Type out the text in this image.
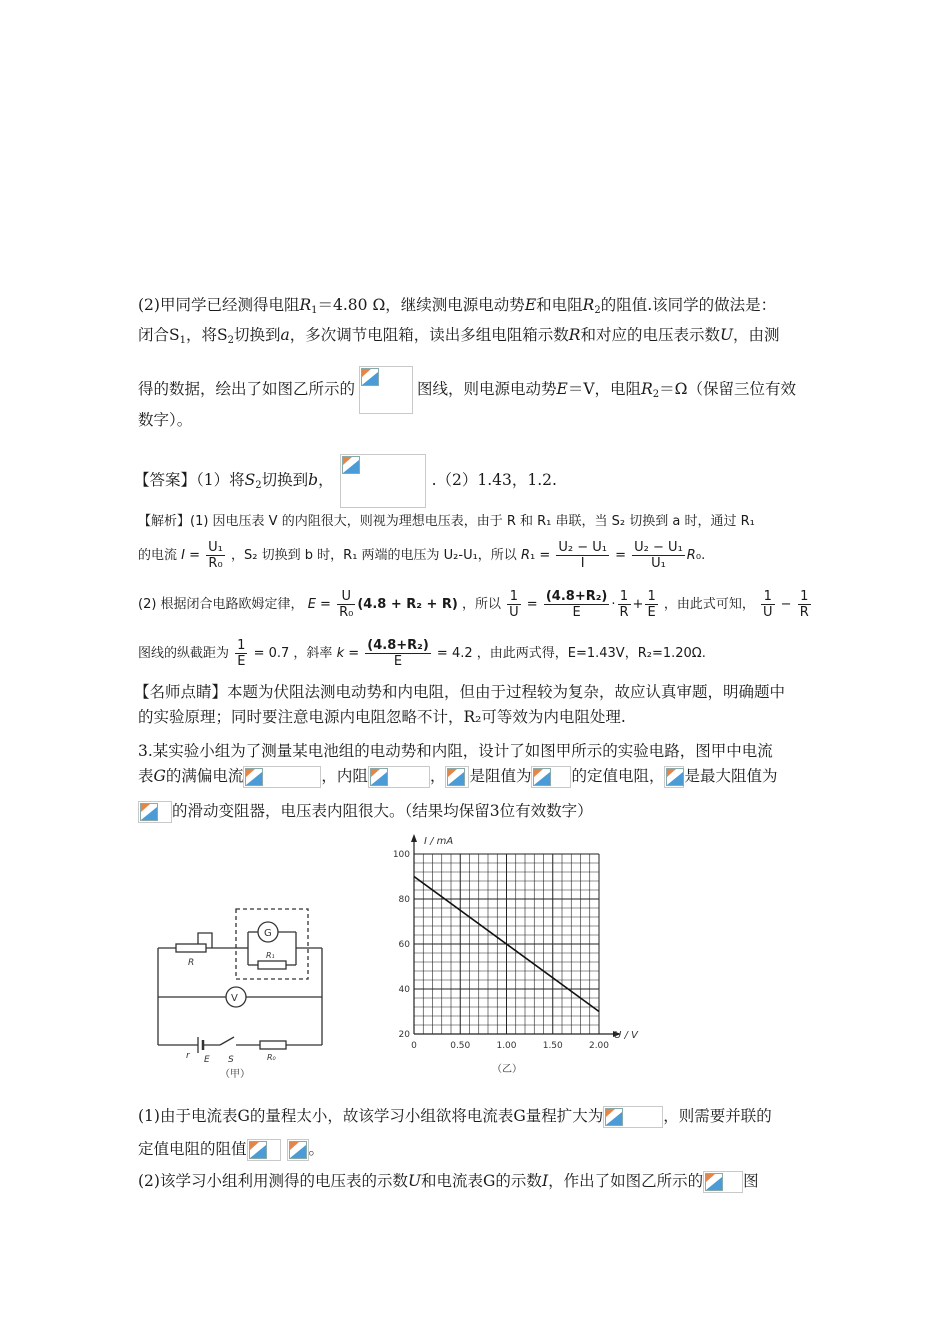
(2)甲同学已经测得电阻$R_1=4.80$ Ω，继续测电源电动势E和电阻$R_2$的阻值.该同学的做法是：
闭合$S_1$，将$S_2$切换到a，多次调节电阻箱，读出多组电阻箱示数R和对应的电压表示数U，由测
得的数据，绘出了如图乙所示的	图线，则电源电动势E＝V，电阻$R_2=\Omega$（保留三位有效
数字）。
【答案】（1）将$S_2$切换到b，	.（2）1.43，1.2.
【解析】(1) 因电压表 V 的内阻很大，则视为理想电压表，由于 R 和 R₁ 串联，当 S₂ 切换到 a 时，通过 R₁
的电流 $I = \frac{\text{U₁}}{\text{R₀}}$ ，S₂ 切换到 b 时，R₁ 两端的电压为 U₂-U₁，所以 $R_1 = \frac{\text{U₂ − U₁}}{I} = \frac{\text{U₂ − U₁}}{\text{U₁}} R_0$.
(2) 根据闭合电路欧姆定律， $E = \frac{U}{\text{R₀}} (4.8 + R_2 + R)$ ，所以 $\frac{1}{U} = \frac{\text{(4.8+R₂)}}{E} \cdot \frac{1}{R} + \frac{1}{E}$ ，由此式可知， $\frac{1}{U} - \frac{1}{R}$
图线的纵截距为 $\frac{1}{E} = 0.7$ ，斜率 $k = \frac{\text{(4.8+R₂)}}{E} = 4.2$ ，由此两式得，E=1.43V，R₂=1.20Ω.
【名师点睛】本题为伏阻法测电动势和内电阻，但由于过程较为复杂，故应认真审题，明确题中
的实验原理；同时要注意电源内电阻忽略不计，R₂可等效为内电阻处理.
3.某实验小组为了测量某电池组的电动势和内阻，设计了如图甲所示的实验电路，图甲中电流
表G的满偏电流	，内阻	， 是阻值为	的定值电阻， 是最大阻值为
的滑动变阻器，电压表内阻很大。（结果均保留3位有效数字）
R
G
R₁
V
r E S	R₀
（甲）
0	0.50	1.00	1.50	2.00
20
40
60
80
100
I / mA
U / V
（乙）
(1)由于电流表G的量程太小，故该学习小组欲将电流表G量程扩大为	，则需要并联的
定值电阻的阻值	。
(2)该学习小组利用测得的电压表的示数U和电流表G的示数I，作出了如图乙所示的	图
